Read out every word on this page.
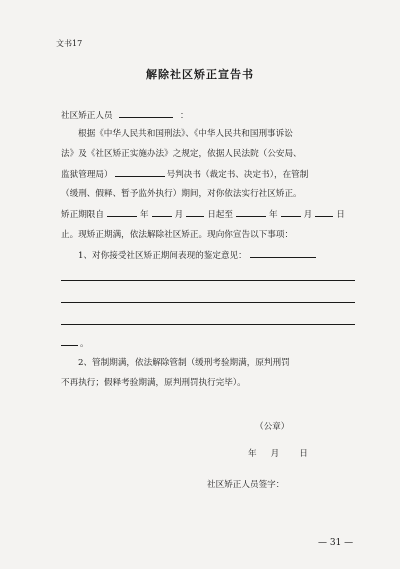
文书17
解除社区矫正宣告书
社区矫正人员	：
根据《中华人民共和国刑法》、《中华人民共和国刑事诉讼
法》及《社区矫正实施办法》之规定，依据人民法院（公安局、
监狱管理局）	号判决书（裁定书、决定书），在管制
（缓刑、假释、暂予监外执行）期间，对你依法实行社区矫正。
矫正期限自	年	月	日起至	年	月	日
止。现矫正期满，依法解除社区矫正。现向你宣告以下事项：
1、对你接受社区矫正期间表现的鉴定意见：
。
2、管制期满，依法解除管制（缓刑考验期满，原判刑罚
不再执行；假释考验期满，原判刑罚执行完毕）。
（公章）
年 月 日
社区矫正人员签字：
— 31 —
